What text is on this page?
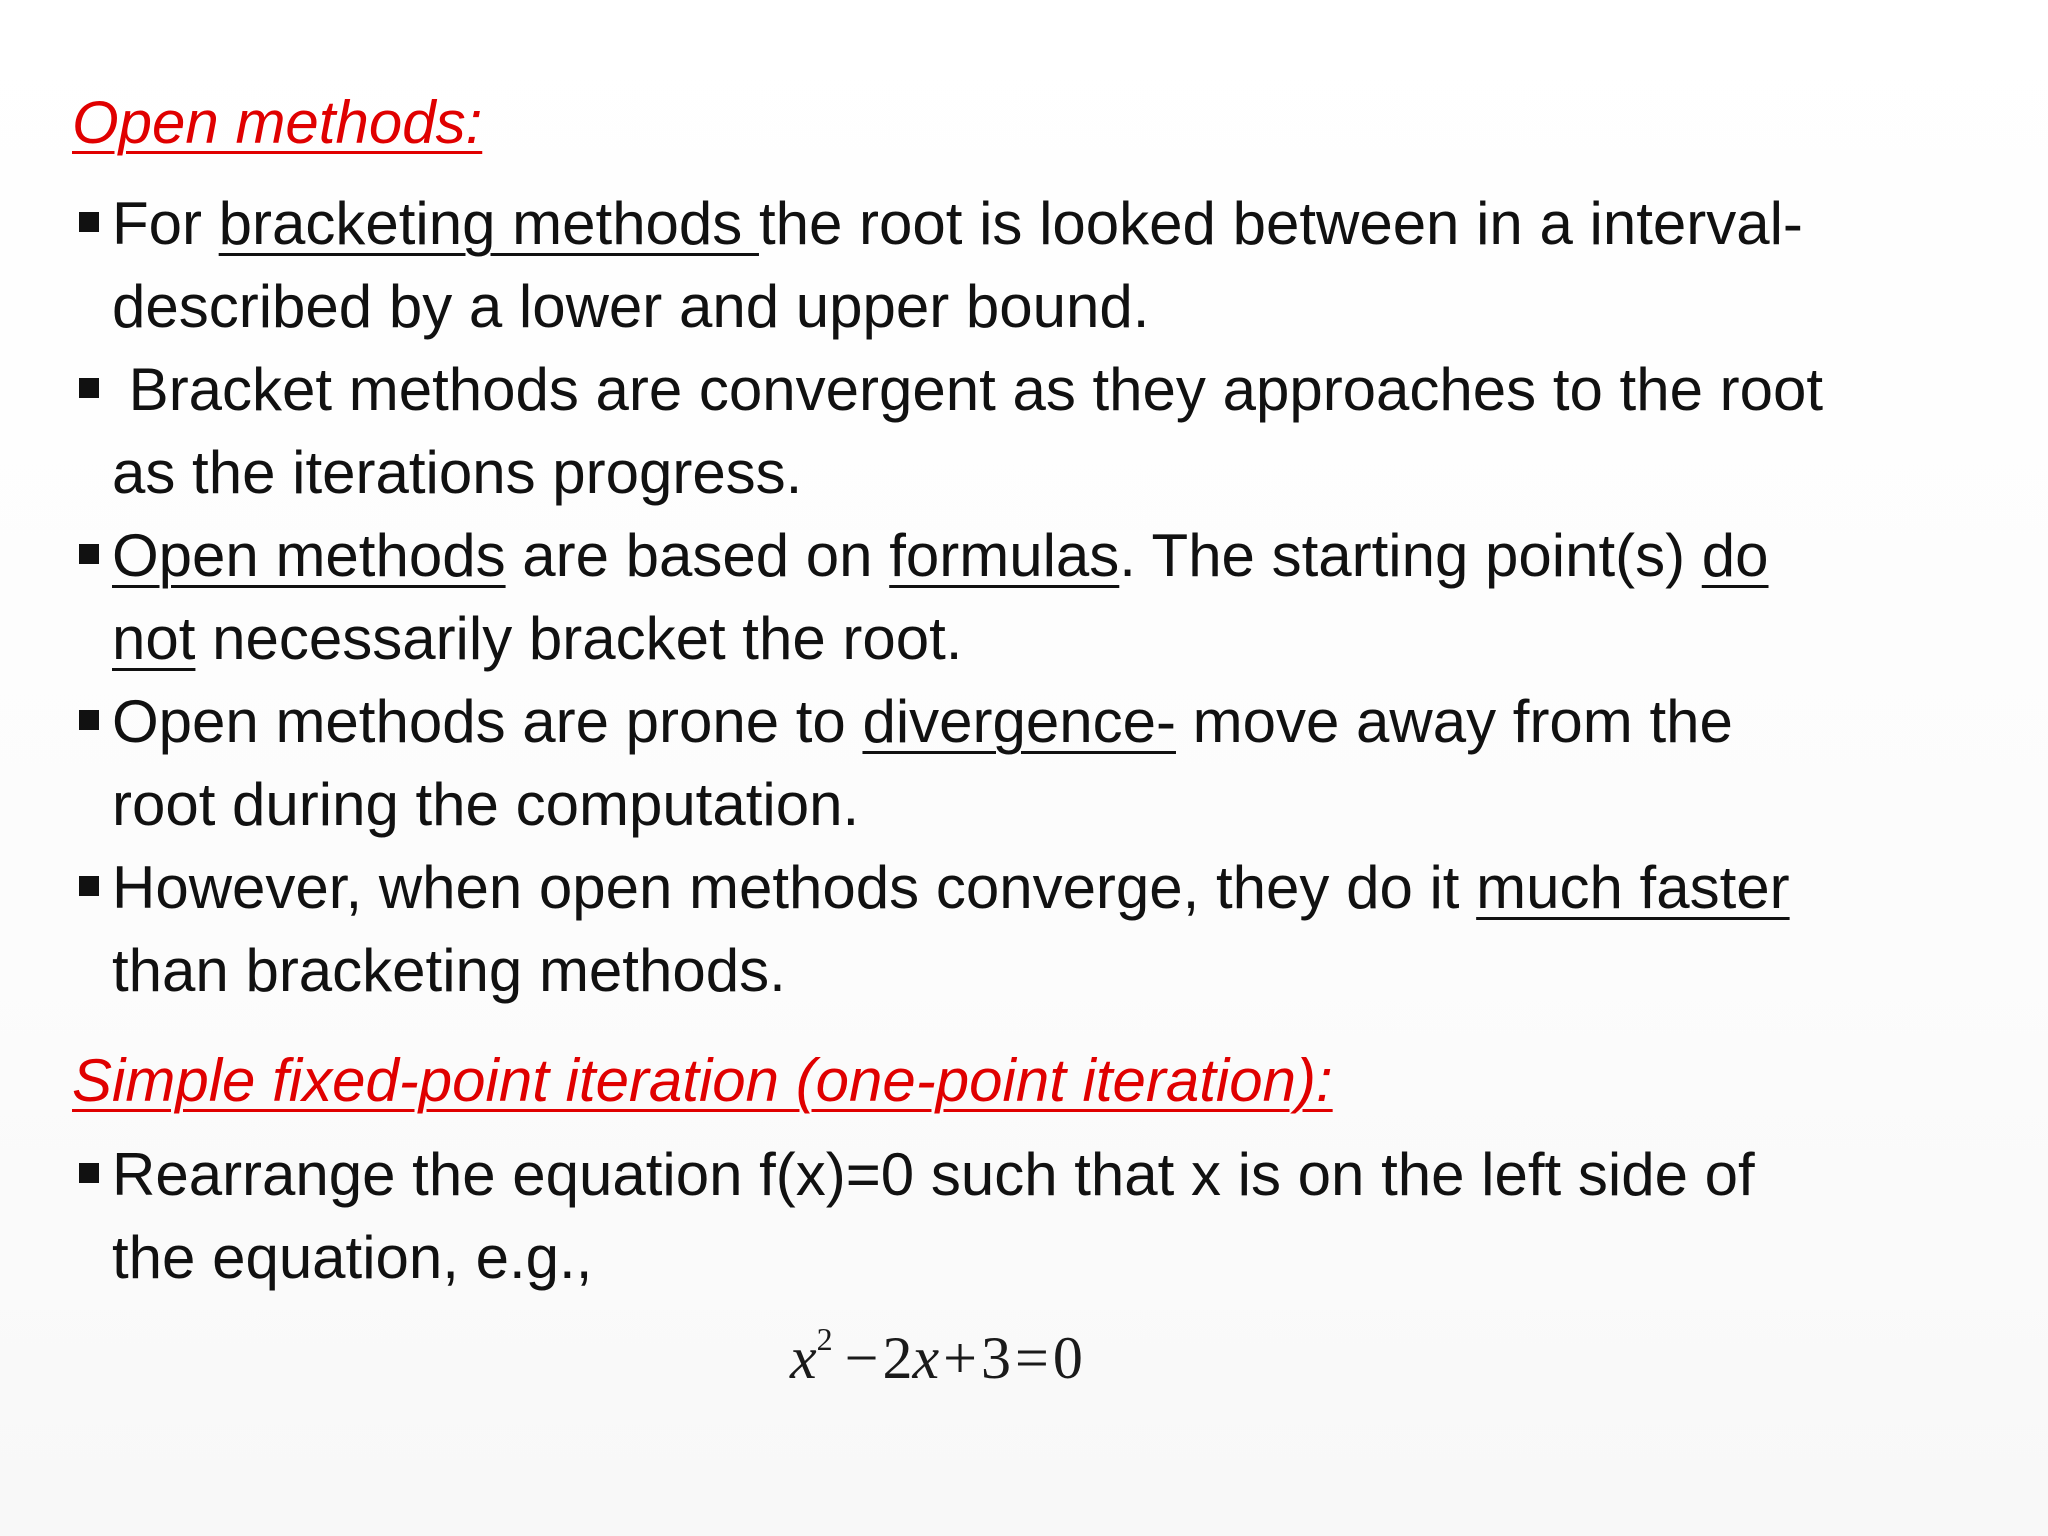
Open methods:
For bracketing methods the root is looked between in a interval-
described by a lower and upper bound.
Bracket methods are convergent as they approaches to the root
as the iterations progress.
Open methods are based on formulas. The starting point(s) do
not necessarily bracket the root.
Open methods are prone to divergence- move away from the
root during the computation.
However, when open methods converge, they do it much faster
than bracketing methods.
Simple fixed-point iteration (one-point iteration):
Rearrange the equation f(x)=0 such that x is on the left side of
the equation, e.g.,
$x^2 -2x+3=0$
